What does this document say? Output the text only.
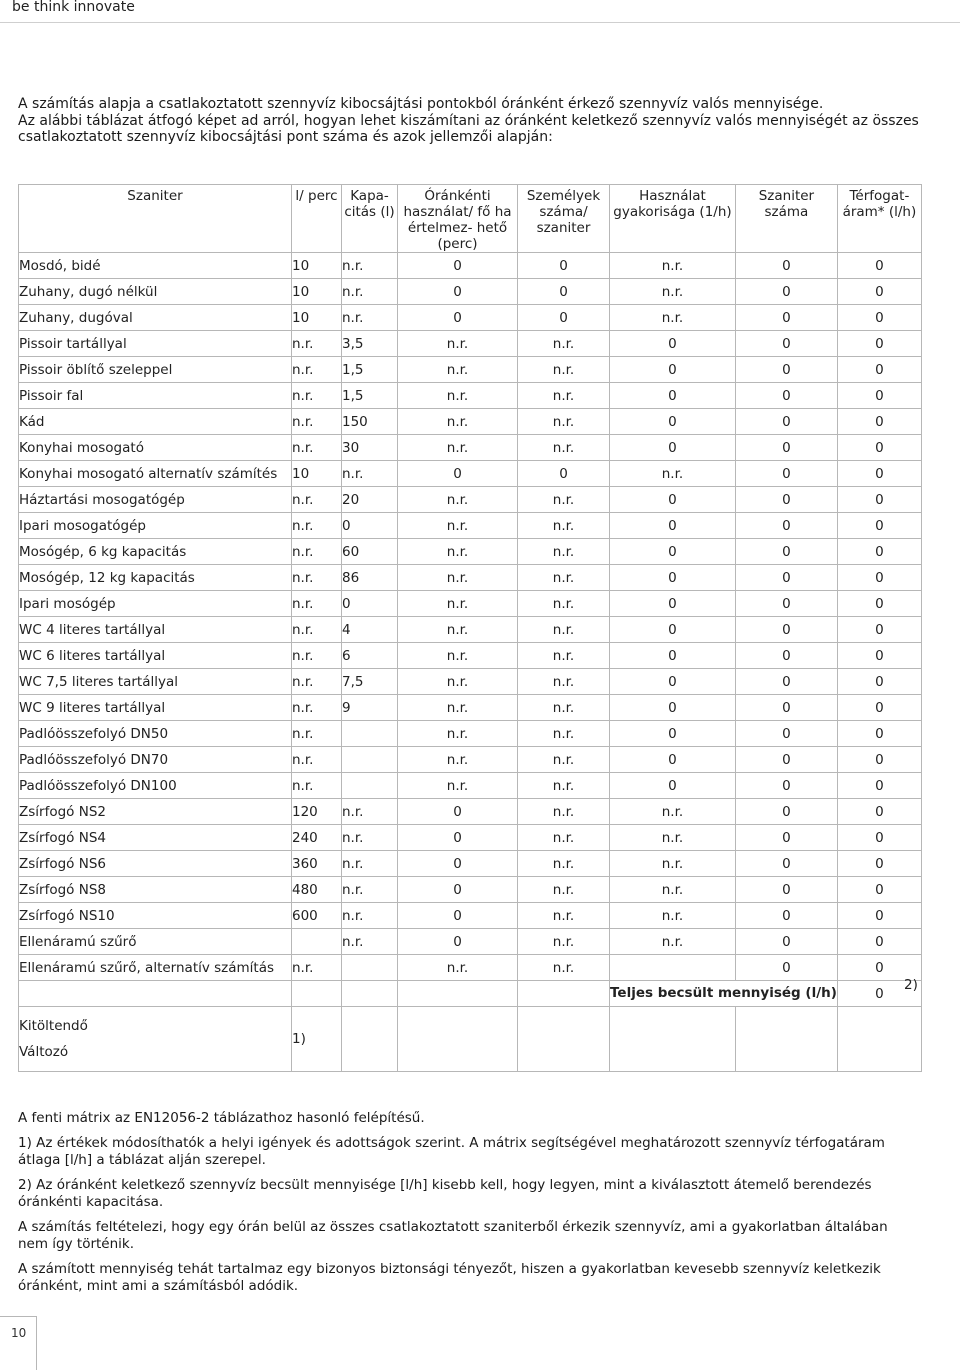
be think innovate

A számítás alapja a csatlakoztatott szennyvíz kibocsájtási pontokból óránként érkező szennyvíz valós mennyisége.

Az alábbi táblázat átfogó képet ad arról, hogyan lehet kiszámítani az óránként keletkező szennyvíz valós mennyiségét az összes csatlakoztatott szennyvíz kibocsájtási pont száma és azok jellemzői alapján:

Szaniter	l/ perc	Kapa- citás (l)	Óránkénti használat/ fő ha értelmez- hető (perc)	Személyek száma/ szaniter	Használat gyakorisága (1/h)	Szaniter száma	Térfogat- áram* (l/h)
Mosdó, bidé	10	n.r.	0	0	n.r.	0	0
Zuhany, dugó nélkül	10	n.r.	0	0	n.r.	0	0
Zuhany, dugóval	10	n.r.	0	0	n.r.	0	0
Pissoir tartállyal	n.r.	3,5	n.r.	n.r.	0	0	0
Pissoir öblítő szeleppel	n.r.	1,5	n.r.	n.r.	0	0	0
Pissoir fal	n.r.	1,5	n.r.	n.r.	0	0	0
Kád	n.r.	150	n.r.	n.r.	0	0	0
Konyhai mosogató	n.r.	30	n.r.	n.r.	0	0	0
Konyhai mosogató alternatív számítés	10	n.r.	0	0	n.r.	0	0
Háztartási mosogatógép	n.r.	20	n.r.	n.r.	0	0	0
Ipari mosogatógép	n.r.	0	n.r.	n.r.	0	0	0
Mosógép, 6 kg kapacitás	n.r.	60	n.r.	n.r.	0	0	0
Mosógép, 12 kg kapacitás	n.r.	86	n.r.	n.r.	0	0	0
Ipari mosógép	n.r.	0	n.r.	n.r.	0	0	0
WC 4 literes tartállyal	n.r.	4	n.r.	n.r.	0	0	0
WC 6 literes tartállyal	n.r.	6	n.r.	n.r.	0	0	0
WC 7,5 literes tartállyal	n.r.	7,5	n.r.	n.r.	0	0	0
WC 9 literes tartállyal	n.r.	9	n.r.	n.r.	0	0	0
Padlóösszefolyó DN50	n.r.		n.r.	n.r.	0	0	0
Padlóösszefolyó DN70	n.r.		n.r.	n.r.	0	0	0
Padlóösszefolyó DN100	n.r.		n.r.	n.r.	0	0	0
Zsírfogó NS2	120	n.r.	0	n.r.	n.r.	0	0
Zsírfogó NS4	240	n.r.	0	n.r.	n.r.	0	0
Zsírfogó NS6	360	n.r.	0	n.r.	n.r.	0	0
Zsírfogó NS8	480	n.r.	0	n.r.	n.r.	0	0
Zsírfogó NS10	600	n.r.	0	n.r.	n.r.	0	0
Ellenáramú szűrő		n.r.	0	n.r.	n.r.	0	0
Ellenáramú szűrő, alternatív számítás	n.r.		n.r.	n.r.		0	0
					Teljes becsült mennyiség (l/h)		0

Kitöltendő
Változó	1)						

2)

A fenti mátrix az EN12056-2 táblázathoz hasonló felépítésű.

1) Az értékek módosíthatók a helyi igények és adottságok szerint. A mátrix segítségével meghatározott szennyvíz térfogatáram átlaga [l/h] a táblázat alján szerepel.

2) Az óránként keletkező szennyvíz becsült mennyisége [l/h] kisebb kell, hogy legyen, mint a kiválasztott átemelő berendezés óránkénti kapacitása.

A számítás feltételezi, hogy egy órán belül az összes csatlakoztatott szaniterből érkezik szennyvíz, ami a gyakorlatban általában nem így történik.

A számított mennyiség tehát tartalmaz egy bizonyos biztonsági tényezőt, hiszen a gyakorlatban kevesebb szennyvíz keletkezik óránként, mint ami a számításból adódik.

10
